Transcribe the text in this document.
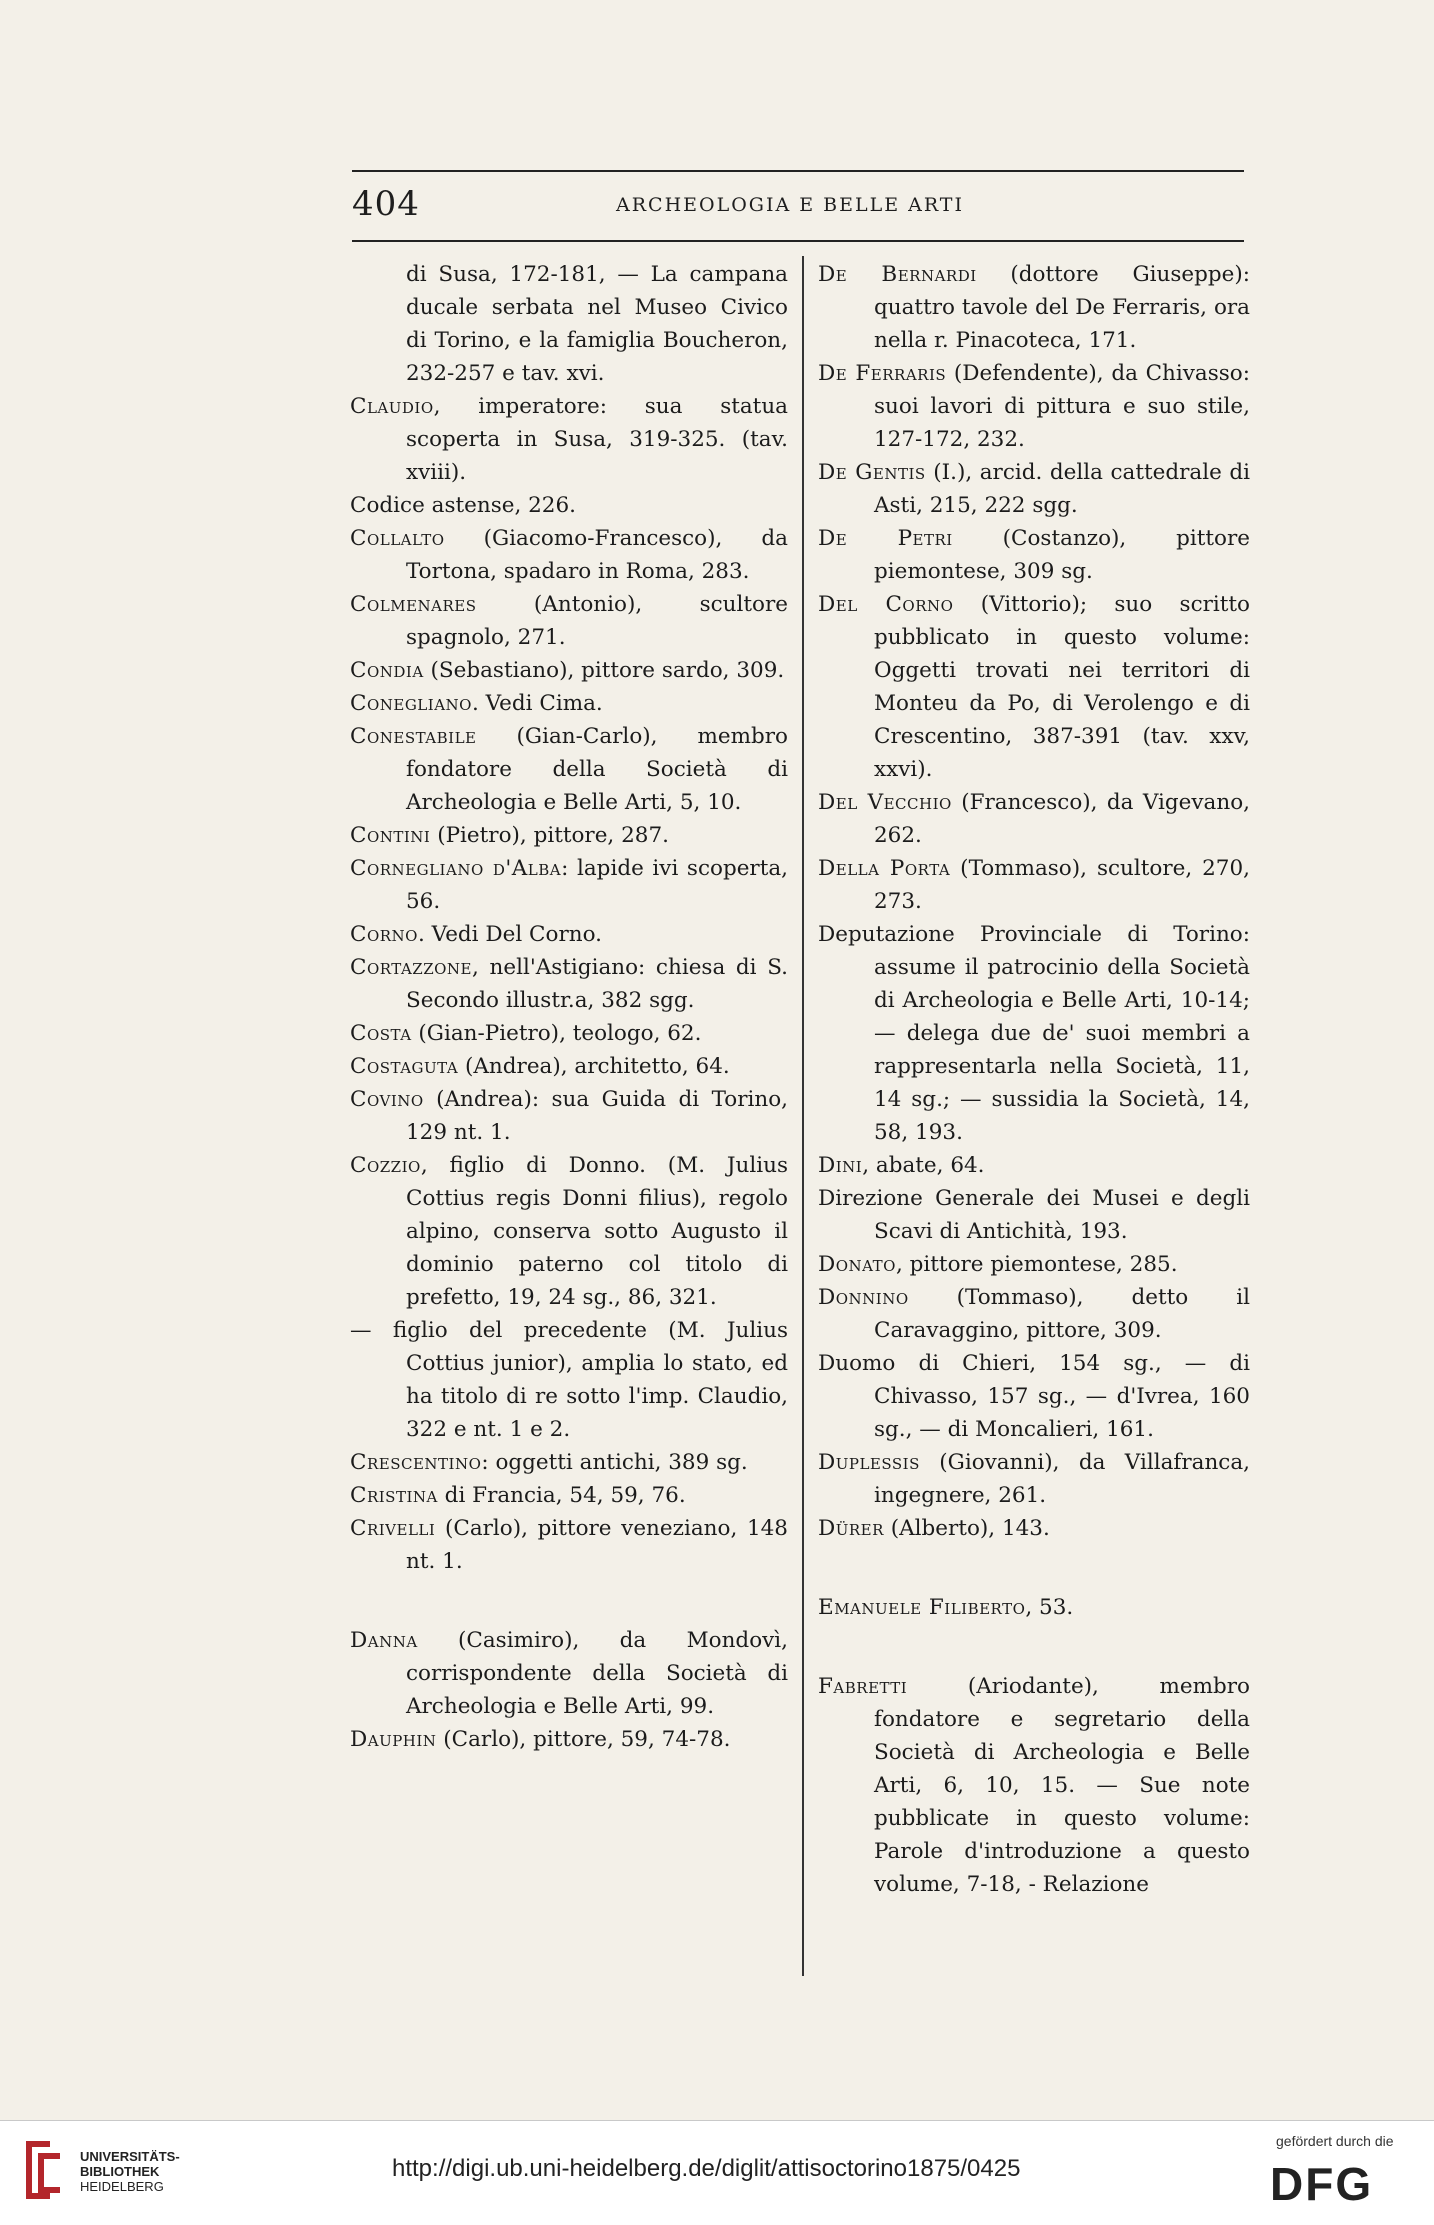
404	ARCHEOLOGIA E BELLE ARTI

di Susa, 172-181, — La campana ducale serbata nel Museo Civico di Torino, e la famiglia Boucheron, 232-257 e tav. xvi.

Claudio, imperatore: sua statua scoperta in Susa, 319-325. (tav. xviii).

Codice astense, 226.

Collalto (Giacomo-Francesco), da Tortona, spadaro in Roma, 283.

Colmenares (Antonio), scultore spagnolo, 271.

Condia (Sebastiano), pittore sardo, 309.

Conegliano. Vedi Cima.

Conestabile (Gian-Carlo), membro fondatore della Società di Archeologia e Belle Arti, 5, 10.

Contini (Pietro), pittore, 287.

Cornegliano d'Alba: lapide ivi scoperta, 56.

Corno. Vedi Del Corno.

Cortazzone, nell'Astigiano: chiesa di S. Secondo illustr.a, 382 sgg.

Costa (Gian-Pietro), teologo, 62.

Costaguta (Andrea), architetto, 64.

Covino (Andrea): sua Guida di Torino, 129 nt. 1.

Cozzio, figlio di Donno. (M. Julius Cottius regis Donni filius), regolo alpino, conserva sotto Augusto il dominio paterno col titolo di prefetto, 19, 24 sg., 86, 321.

— figlio del precedente (M. Julius Cottius junior), amplia lo stato, ed ha titolo di re sotto l'imp. Claudio, 322 e nt. 1 e 2.

Crescentino: oggetti antichi, 389 sg.

Cristina di Francia, 54, 59, 76.

Crivelli (Carlo), pittore veneziano, 148 nt. 1.

Danna (Casimiro), da Mondovì, corrispondente della Società di Archeologia e Belle Arti, 99.

Dauphin (Carlo), pittore, 59, 74-78.

De Bernardi (dottore Giuseppe): quattro tavole del De Ferraris, ora nella r. Pinacoteca, 171.

De Ferraris (Defendente), da Chivasso: suoi lavori di pittura e suo stile, 127-172, 232.

De Gentis (I.), arcid. della cattedrale di Asti, 215, 222 sgg.

De Petri (Costanzo), pittore piemontese, 309 sg.

Del Corno (Vittorio); suo scritto pubblicato in questo volume: Oggetti trovati nei territori di Monteu da Po, di Verolengo e di Crescentino, 387-391 (tav. xxv, xxvi).

Del Vecchio (Francesco), da Vigevano, 262.

Della Porta (Tommaso), scultore, 270, 273.

Deputazione Provinciale di Torino: assume il patrocinio della Società di Archeologia e Belle Arti, 10-14; — delega due de' suoi membri a rappresentarla nella Società, 11, 14 sg.; — sussidia la Società, 14, 58, 193.

Dini, abate, 64.

Direzione Generale dei Musei e degli Scavi di Antichità, 193.

Donato, pittore piemontese, 285.

Donnino (Tommaso), detto il Caravaggino, pittore, 309.

Duomo di Chieri, 154 sg., — di Chivasso, 157 sg., — d'Ivrea, 160 sg., — di Moncalieri, 161.

Duplessis (Giovanni), da Villafranca, ingegnere, 261.

Dürer (Alberto), 143.

Emanuele Filiberto, 53.

Fabretti (Ariodante), membro fondatore e segretario della Società di Archeologia e Belle Arti, 6, 10, 15. — Sue note pubblicate in questo volume: Parole d'introduzione a questo volume, 7-18, - Relazione

UNIVERSITÄTS-
BIBLIOTHEK
HEIDELBERG
http://digi.ub.uni-heidelberg.de/diglit/attisoctorino1875/0425
gefördert durch die
DFG
